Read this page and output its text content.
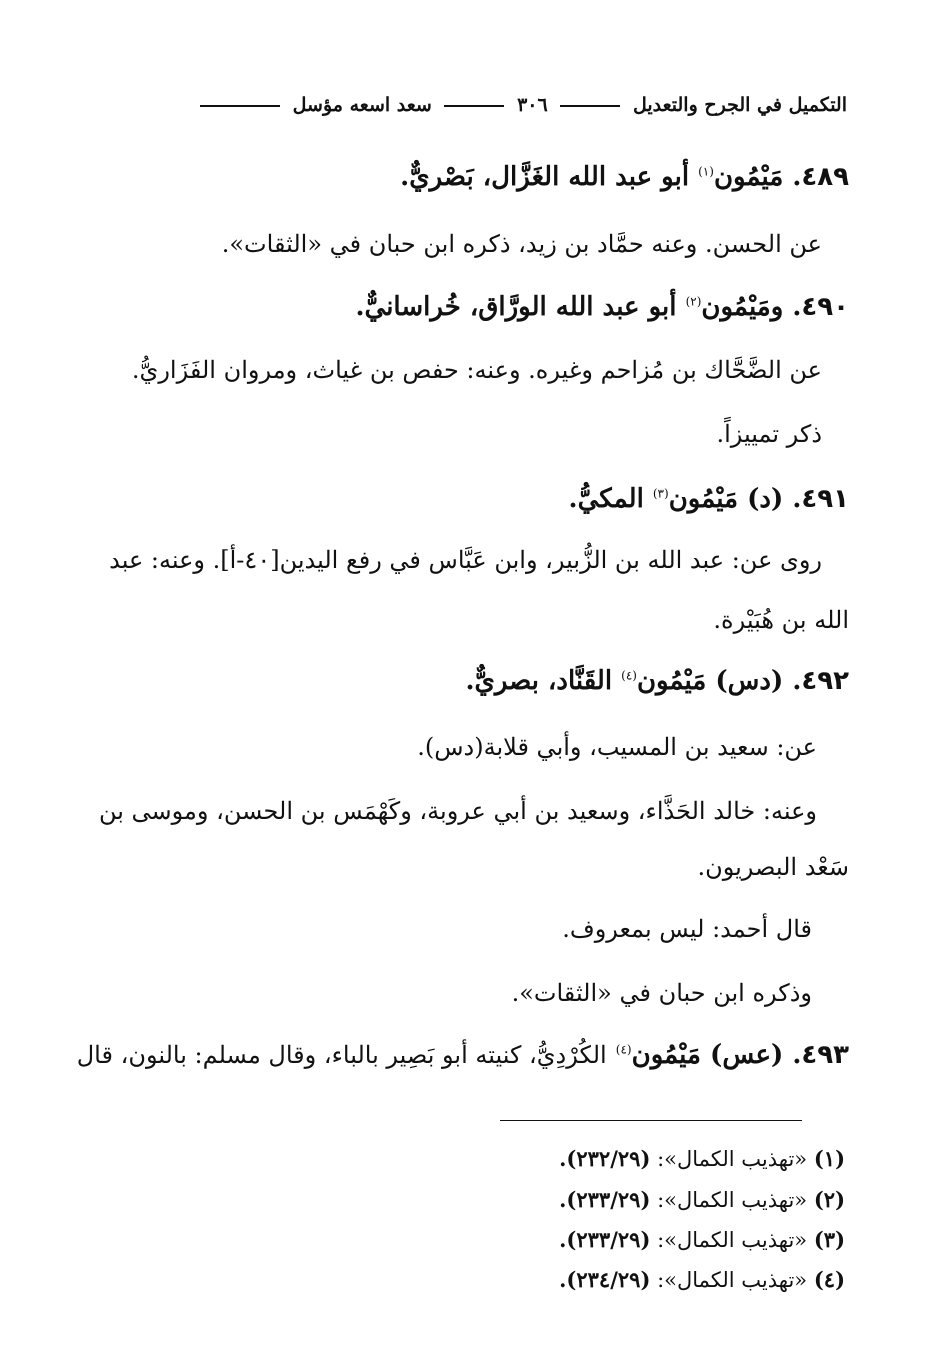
التكميل في الجرح والتعديل  ٣٠٦  سعد اسعه مؤسل
٤٨٩. مَيْمُون$^{(١)}$ أبو عبد الله الغَزَّال، بَصْريٌّ.
عن الحسن. وعنه حمَّاد بن زيد، ذكره ابن حبان في «الثقات».
٤٩٠. ومَيْمُون$^{(٢)}$ أبو عبد الله الورَّاق، خُراسانيٌّ.
عن الضَّحَّاك بن مُزاحم وغيره. وعنه: حفص بن غياث، ومروان الفَزَاريُّ.
ذكر تمييزاً.
٤٩١. (د) مَيْمُون$^{(٣)}$ المكيُّ.
روى عن: عبد الله بن الزُّبير، وابن عَبَّاس في رفع اليدين[٤٠-أ]. وعنه: عبد
الله بن هُبَيْرة.
٤٩٢. (دس) مَيْمُون$^{(٤)}$ القَنَّاد، بصريٌّ.
عن: سعيد بن المسيب، وأبي قلابة(دس).
وعنه: خالد الحَذَّاء، وسعيد بن أبي عروبة، وكَهْمَس بن الحسن، وموسى بن
سَعْد البصريون.
قال أحمد: ليس بمعروف.
وذكره ابن حبان في «الثقات».
٤٩٣. (عس) مَيْمُون$^{(٤)}$ الكُرْدِيُّ، كنيته أبو بَصِير بالباء، وقال مسلم: بالنون، قال
(١) «تهذيب الكمال»: (٢٣٢/٢٩).
(٢) «تهذيب الكمال»: (٢٣٣/٢٩).
(٣) «تهذيب الكمال»: (٢٣٣/٢٩).
(٤) «تهذيب الكمال»: (٢٣٤/٢٩).
